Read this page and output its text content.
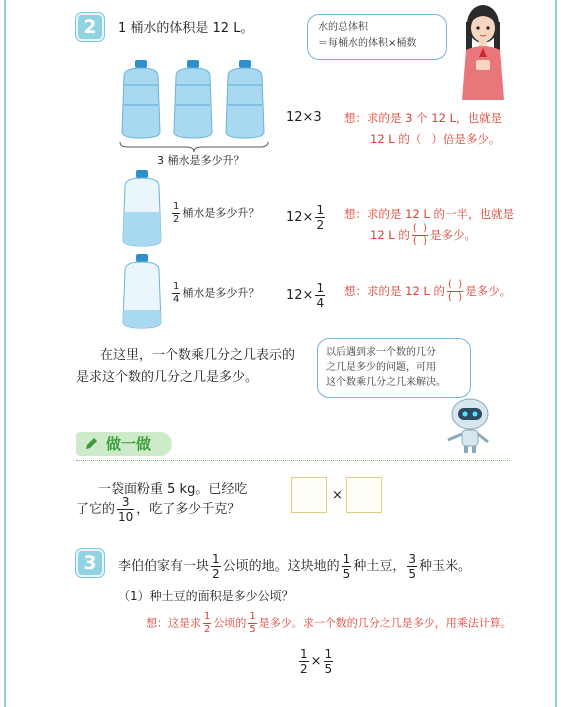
2	1 桶水的体积是 12 L。	水的总体积
＝每桶水的体积×桶数
3 桶水是多少升？
12×3 想：求的是 3 个 12 L，也就是
12 L 的（ ）倍是多少。
$\frac{1}{2}$ 桶水是多少升？ $12\times \frac{1}{2}$ 想：求的是 12 L 的一半，也就是
12 L 的 $\frac{( )}{( )}$ 是多少。
$\frac{1}{4}$ 桶水是多少升？ $12\times \frac{1}{4}$ 想：求的是 12 L 的 $\frac{( )}{( )}$ 是多少。
在这里，一个数乘几分之几表示的
是求这个数的几分之几是多少。
以后遇到求一个数的几分
之几是多少的问题，可用
这个数乘几分之几来解决。
做一做
一袋面粉重 5 kg。已经吃
了它的 $\frac{3}{10}$ ，吃了多少千克？
×
3	李伯伯家有一块 $\frac{1}{2}$ 公顷的地。这块地的 $\frac{1}{5}$ 种土豆， $\frac{3}{5}$ 种玉米。
（1）种土豆的面积是多少公顷？
想：这是求 $\frac{1}{2}$ 公顷的 $\frac{1}{5}$ 是多少。求一个数的几分之几是多少，用乘法计算。
$\frac{1}{2} \times \frac{1}{5}$
